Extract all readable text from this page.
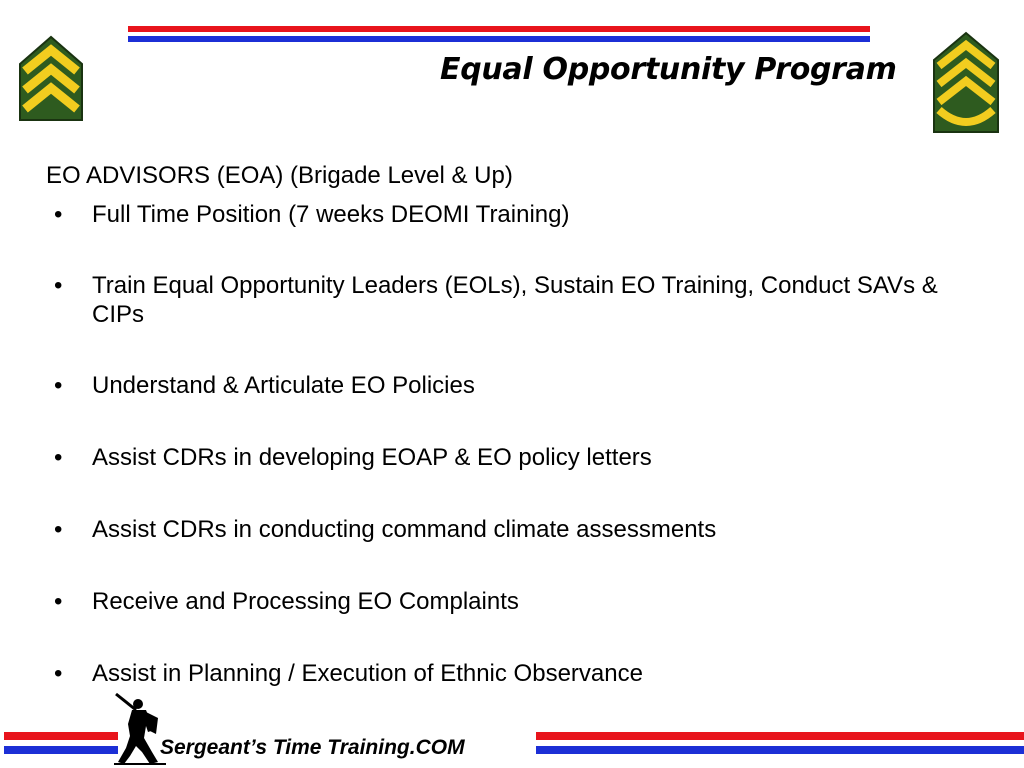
Equal Opportunity Program
EO ADVISORS (EOA) (Brigade Level & Up)
• Full Time Position (7 weeks DEOMI Training)
• Train Equal Opportunity Leaders (EOLs), Sustain EO Training, Conduct SAVs & CIPs
• Understand & Articulate EO Policies
• Assist CDRs in developing EOAP & EO policy letters
• Assist CDRs in conducting command climate assessments
• Receive and Processing EO Complaints
• Assist in Planning / Execution of Ethnic Observance
Sergeant’s Time Training.COM
